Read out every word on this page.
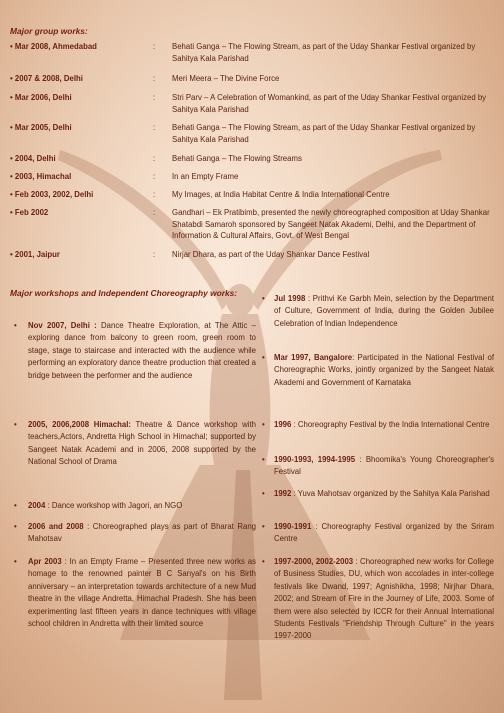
Major group works:
• Mar 2008, Ahmedabad	: Behati Ganga – The Flowing Stream, as part of the Uday Shankar Festival organized by Sahitya Kala Parishad
• 2007 & 2008, Delhi	: Meri Meera – The Divine Force
• Mar 2006, Delhi	: Stri Parv – A Celebration of Womankind, as part of the Uday Shankar Festival organized by Sahitya Kala Parishad
• Mar 2005, Delhi	: Behati Ganga – The Flowing Stream, as part of the Uday Shankar Festival organized by Sahitya Kala Parishad
• 2004, Delhi	: Behati Ganga – The Flowing Streams
• 2003, Himachal	: In an Empty Frame
• Feb 2003, 2002, Delhi	: My Images, at India Habitat Centre & India International Centre
• Feb 2002	: Gandhari – Ek Pratibimb, presented the newly choreographed composition at Uday Shankar Shatabdi Samaroh sponsored by Sangeet Natak Akademi, Delhi, and the Department of Information & Cultural Affairs, Govt. of West Bengal
• 2001, Jaipur	: Nirjar Dhara, as part of the Uday Shankar Dance Festival
Major workshops and Independent Choreography works:
• Nov 2007, Delhi : Dance Theatre Exploration, at The Attic – exploring dance from balcony to green room, green room to stage, stage to staircase and interacted with the audience while performing an exploratory dance theatre production that created a bridge between the performer and the audience
• 2005, 2006,2008 Himachal: Theatre & Dance workshop with teachers,Actors, Andretta High School in Himachal; supported by Sangeet Natak Academi and in 2006, 2008 supported by the National School of Drama
• 2004 : Dance workshop with Jagori, an NGO
• 2006 and 2008 : Choreographed plays as part of Bharat Rang Mahotsav
• Apr 2003 : In an Empty Frame – Presented three new works as homage to the renowned painter B C Sanyal's on his Birth anniversary – an interpretation towards architecture of a new Mud theatre in the village Andretta, Himachal Pradesh. She has been experimenting last fifteen years in dance techniques with village school children in Andretta with their limited source
• Jul 1998 : Prithvi Ke Garbh Mein, selection by the Department of Culture, Government of India, during the Golden Jubilee Celebration of Indian Independence
• Mar 1997, Bangalore: Participated in the National Festival of Choreographic Works, jointly organized by the Sangeet Natak Akademi and Government of Karnataka
• 1996 : Choreography Festival by the India International Centre
• 1990-1993, 1994-1995 : Bhoomika's Young Choreographer's Festival
• 1992 : Yuva Mahotsav organized by the Sahitya Kala Parishad
• 1990-1991 : Choreography Festival organized by the Sriram Centre
• 1997-2000, 2002-2003 : Choreographed new works for College of Business Studies, DU, which won accolades in inter-college festivals like Dwand, 1997; Agnishikha, 1998; Nirjhar Dhara, 2002; and Stream of Fire in the Journey of Life, 2003. Some of them were also selected by ICCR for their Annual International Students Festivals "Friendship Through Culture" in the years 1997-2000
